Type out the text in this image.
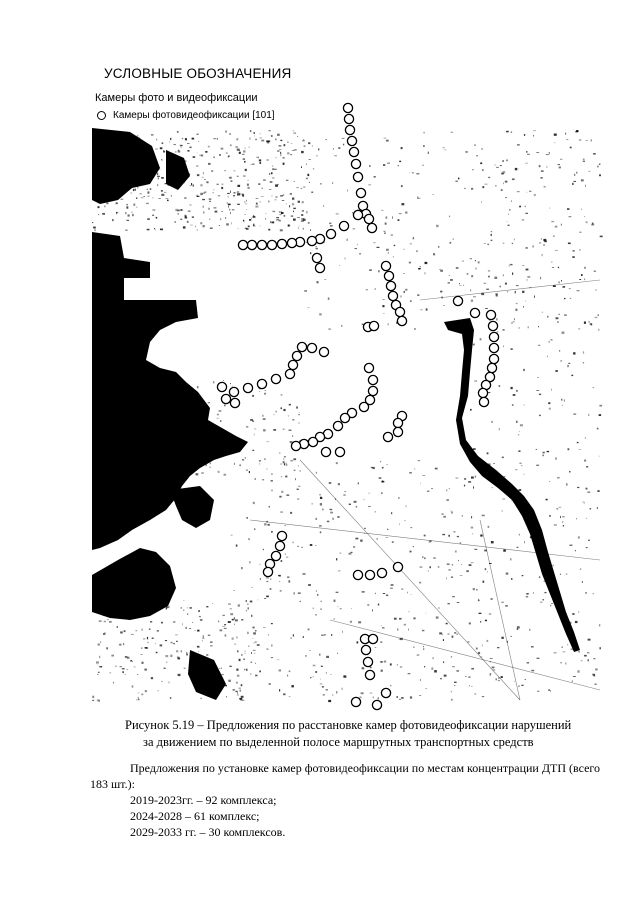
УСЛОВНЫЕ ОБОЗНАЧЕНИЯ
Камеры фото и видеофиксации
Камеры фотовидеофиксации [101]
Рисунок 5.19 – Предложения по расстановке камер фотовидеофиксации нарушений
за движением по выделенной полосе маршрутных транспортных средств
Предложения по установке камер фотовидеофиксации по местам концентрации ДТП (всего 183 шт.):
2019-2023гг. – 92 комплекса;
2024-2028 – 61 комплекс;
2029-2033 гг. – 30 комплексов.
